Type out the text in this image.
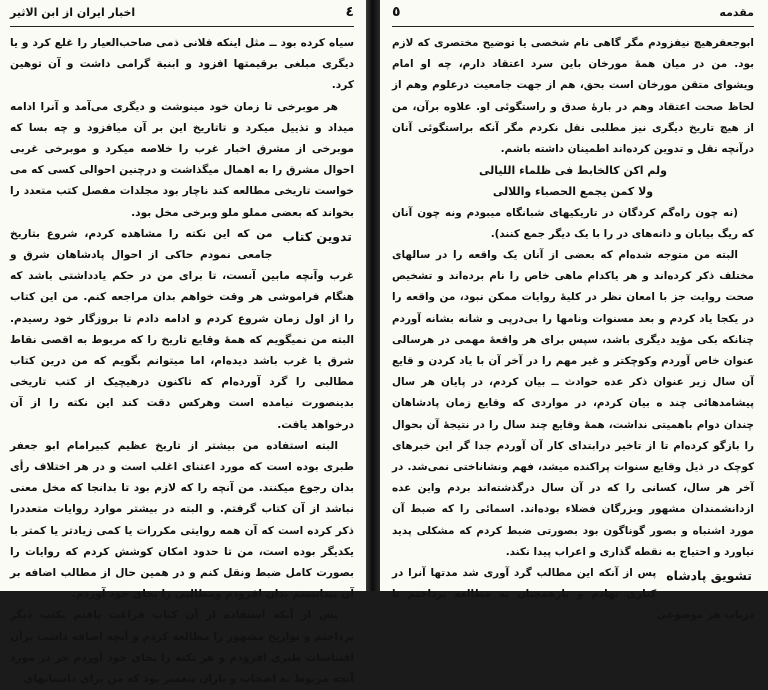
٤
اخبار ایران از ابن الاثیر

سیاه کرده بود ــ مثل اینکه فلانی ذمی صاحب‌العیار را غلع کرد و یا دیگری مبلغی برقیمتها افزود و ابنیة گرامی داشت و آن توهین کرد.

هر موبرخی تا زمان خود مینوشت و دیگری می‌آمد و آنرا ادامه میداد و تذییل میکرد و تاتاریخ این بر آن میافزود و چه بسا که موبرخی از مشرق اخبار غرب را خلاصه میکرد و موبرخی غربی احوال مشرق را به اهمال میگذاشت و درچنین احوالی کسی که می خواست تاریخی مطالعه کند ناچار بود مجلدات مفصل کتب متعدد را بخواند که بعضی مملو ملو وبرخی مخل بود.

تدوین کتاب

من که این نکته را مشاهده کردم، شروع بتاریخ جامعی نمودم حاکی از احوال پادشاهان شرق و غرب وآنچه مابین آنست، تا برای من در حکم یادداشتی باشد که هنگام فراموشی هر وقت خواهم بدان مراجعه کنم. من این کتاب را از اول زمان شروع کردم و ادامه دادم تا بروزگار خود رسیدم. البته من نمیگویم که همهٔ وقایع تاریخ را که مربوط به اقصی نقاط شرق یا غرب باشد دیده‌ام، اما میتوانم بگویم که من درین کتاب مطالبی را گرد آورده‌ام که تاکنون درهیچیک از کتب تاریخی بدینصورت نیامده است وهرکس دقت کند این نکته را از آن درخواهد یافت.

البته استفاده من بیشتر از تاریخ عظیم کبیرامام ابو جعفر طبری بوده است که مورد اعتنای اغلب است و در هر اختلاف رأی بدان رجوع میکنند. من آنچه را که لازم بود تا بدانجا که مخل معنی نباشد از آن کتاب گرفتم. و البته در بیشتر موارد روایات متعددرا ذکر کرده است که آن همه روایتی مکررات یا کمی زیادتر یا کمتر با یکدیگر بوده است، من تا حدود امکان کوشش کردم که روایات را بصورت کامل ضبط ونقل کنم و در همین حال از مطالب اضافه بر آن بیدانستم بدان افزودم ومطالبی را بجای خود آوردم.

پس از آنکه استفاده از آن کتاب فراغت یافتم بکتب دیگر پرداختم و تواریخ مشهور را مطالعه کردم و آنچه اضافه داشت برآن اقتباسات طبری افزودم و هر نکته را بجای خود آوردم جز در مورد آنچه مربوط به اصحاب و یاران پیغمبر بود که من برای داستانهای

مقدمه
٥

ابوجعفرهیچ نیفزودم مگر گاهی نام شخصی یا توضیح مختصری که لازم بود. من در میان همهٔ مورخان باین سرد اعتقاد دارم، چه او امام ویشوای متقن مورخان است بحق، هم از جهت جامعیت درعلوم وهم از لحاظ صحت اعتقاد وهم در بارهٔ صدق و راستگوئی او. علاوه برآن، من از هیچ تاریخ دیگری نیز مطلبی نقل نکردم مگر آنکه براستگوئی آنان درآنچه نقل و تدوین کرده‌اند اطمینان داشته باشم.

ولم اکن کالخابط فی ظلماء اللیالی

ولا کمن یجمع الحصباء واللالی

(نه چون راه‌گم کردگان در تاریکیهای شبانگاه میبودم ونه چون آنان که ریگ بیابان و دانه‌های در را با یک دیگر جمع کنند).

البته من متوجه شده‌ام که بعضی از آنان یک واقعه را در سالهای مختلف ذکر کرده‌اند و هر یاکدام ماهی خاص را نام برده‌اند و تشخیص صحت روایت جز با امعان نظر در کلیهٔ روایات ممکن نبود، من واقعه را در یکجا یاد کردم و بعد مسنوات ونامها را بی‌درپی و شانه بشانه آوردم چنانکه بکی مؤید دیگری باشد، سپس برای هر واقعهٔ مهمی در هرسالی عنوان خاص آوردم وکوچکتر و غیر مهم را در آخر آن با یاد کردن و قایع آن سال زیر عنوان ذکر عده حوادث ــ بیان کردم، در پایان هر سال پیشامدهائی چند ه بیان کردم، در مواردی که وقایع زمان پادشاهان چندان دوام باهمیتی نداشت، همهٔ وقایع چند سال را در نتیجهٔ آن بحوال را بازگو کرده‌ام تا از تاخیر درابتدای کار آن آوردم جدا گر این خبرهای کوچک در ذیل وقایع سنوات پراکنده میشد، فهم ونشاناختی نمی‌شد. در آخر هر سال، کسانی را که در آن سال درگذشته‌اند بردم واین عده ازدانشمندان مشهور وبزرگان فضلاء بوده‌اند. اسمائی را که ضبط آن مورد اشتباه و بصور گوناگون بود بصورتی ضبط کردم که مشکلی پدید نیاورد و احتیاج به نقطه گذاری و اعراب پیدا نکند.

تشویق پادشاه

پس از آنکه این مطالب گرد آوری شد مدتها آنرا در کناری نهادم و بازهمچنان به مطالعه پرداختم تا درباب هر موضوعی
